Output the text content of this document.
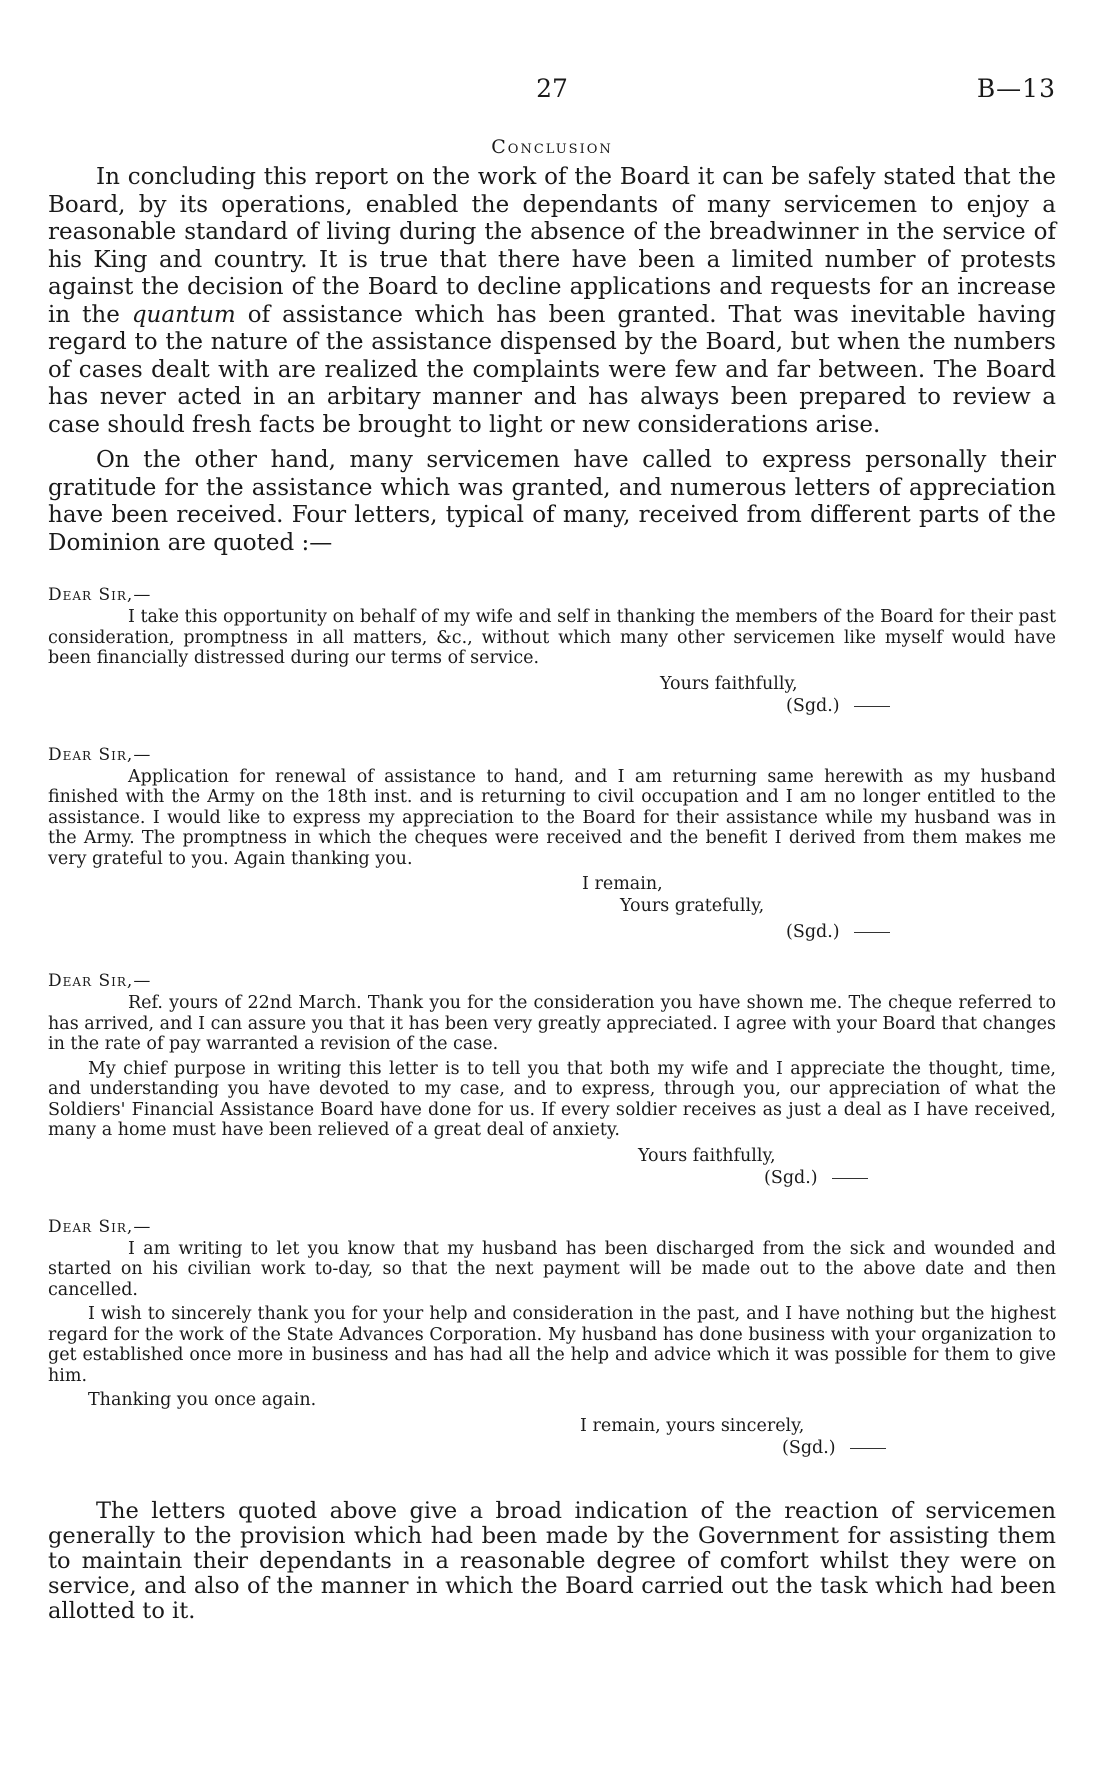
27	B—13
Conclusion

In concluding this report on the work of the Board it can be safely stated that the Board, by its operations, enabled the dependants of many servicemen to enjoy a reasonable standard of living during the absence of the breadwinner in the service of his King and country. It is true that there have been a limited number of protests against the decision of the Board to decline applications and requests for an increase in the quantum of assistance which has been granted. That was inevitable having regard to the nature of the assistance dispensed by the Board, but when the numbers of cases dealt with are realized the complaints were few and far between. The Board has never acted in an arbitary manner and has always been prepared to review a case should fresh facts be brought to light or new considerations arise.

On the other hand, many servicemen have called to express personally their gratitude for the assistance which was granted, and numerous letters of appreciation have been received. Four letters, typical of many, received from different parts of the Dominion are quoted :—

Dear Sir,—

I take this opportunity on behalf of my wife and self in thanking the members of the Board for their past consideration, promptness in all matters, &c., without which many other servicemen like myself would have been financially distressed during our terms of service.

Yours faithfully,

(Sgd.)

Dear Sir,—

Application for renewal of assistance to hand, and I am returning same herewith as my husband finished with the Army on the 18th inst. and is returning to civil occupation and I am no longer entitled to the assistance. I would like to express my appreciation to the Board for their assistance while my husband was in the Army. The promptness in which the cheques were received and the benefit I derived from them makes me very grateful to you. Again thanking you.

I remain,

Yours gratefully,

(Sgd.)

Dear Sir,—

Ref. yours of 22nd March. Thank you for the consideration you have shown me. The cheque referred to has arrived, and I can assure you that it has been very greatly appreciated. I agree with your Board that changes in the rate of pay warranted a revision of the case.

My chief purpose in writing this letter is to tell you that both my wife and I appreciate the thought, time, and understanding you have devoted to my case, and to express, through you, our appreciation of what the Soldiers' Financial Assistance Board have done for us. If every soldier receives as just a deal as I have received, many a home must have been relieved of a great deal of anxiety.

Yours faithfully,

(Sgd.)

Dear Sir,—

I am writing to let you know that my husband has been discharged from the sick and wounded and started on his civilian work to-day, so that the next payment will be made out to the above date and then cancelled.

I wish to sincerely thank you for your help and consideration in the past, and I have nothing but the highest regard for the work of the State Advances Corporation. My husband has done business with your organization to get established once more in business and has had all the help and advice which it was possible for them to give him.

Thanking you once again.

I remain, yours sincerely,

(Sgd.)

The letters quoted above give a broad indication of the reaction of servicemen generally to the provision which had been made by the Government for assisting them to maintain their dependants in a reasonable degree of comfort whilst they were on service, and also of the manner in which the Board carried out the task which had been allotted to it.
